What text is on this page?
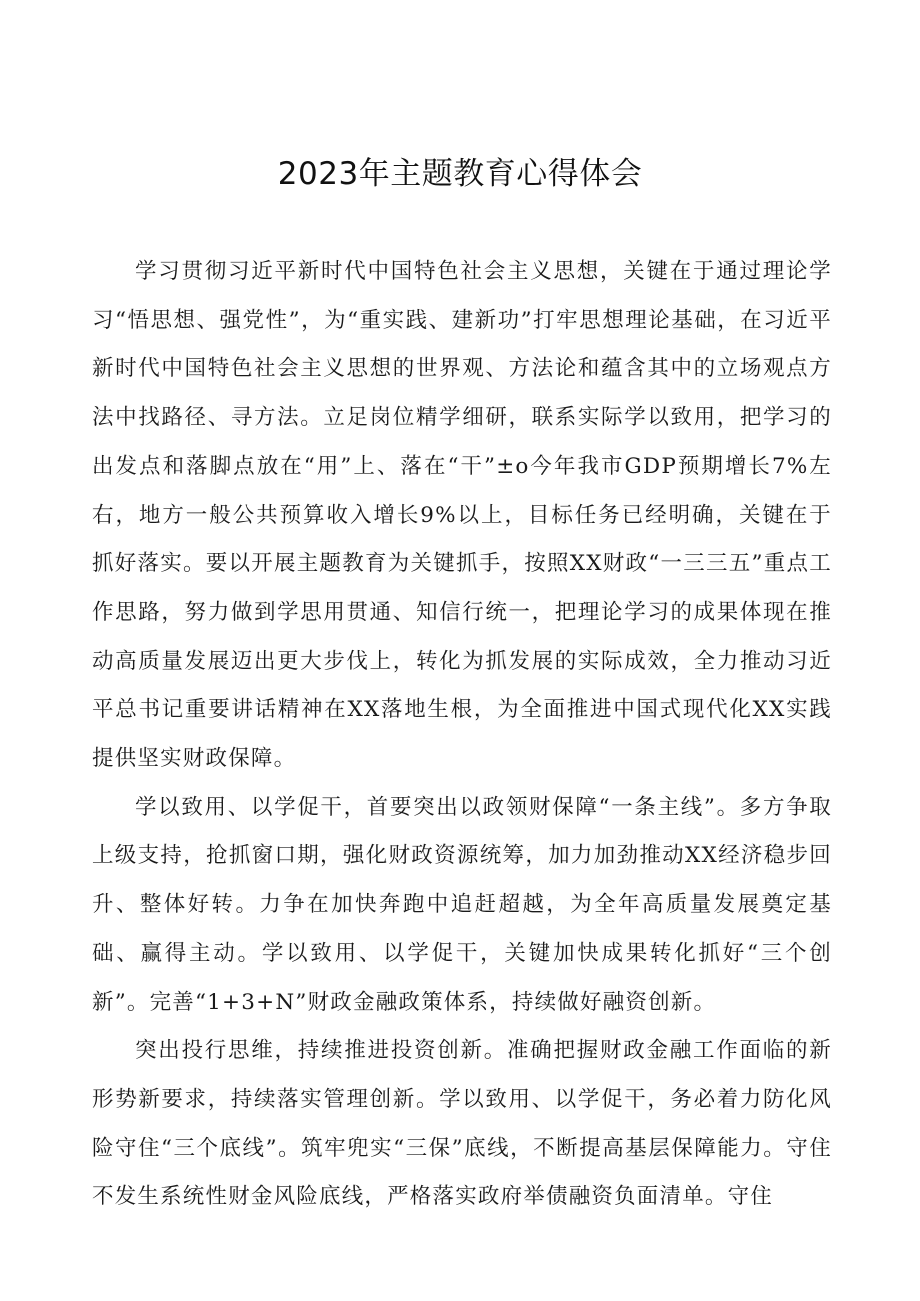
2023年主题教育心得体会

学习贯彻习近平新时代中国特色社会主义思想，关键在于通过理论学习“悟思想、强党性”，为“重实践、建新功”打牢思想理论基础，在习近平新时代中国特色社会主义思想的世界观、方法论和蕴含其中的立场观点方法中找路径、寻方法。立足岗位精学细研，联系实际学以致用，把学习的出发点和落脚点放在“用”上、落在“干”±o今年我市GDP预期增长7%左右，地方一般公共预算收入增长9%以上，目标任务已经明确，关键在于抓好落实。要以开展主题教育为关键抓手，按照XX财政“一三三五”重点工作思路，努力做到学思用贯通、知信行统一，把理论学习的成果体现在推动高质量发展迈出更大步伐上，转化为抓发展的实际成效，全力推动习近平总书记重要讲话精神在XX落地生根，为全面推进中国式现代化XX实践提供坚实财政保障。

学以致用、以学促干，首要突出以政领财保障“一条主线”。多方争取上级支持，抢抓窗口期，强化财政资源统筹，加力加劲推动XX经济稳步回升、整体好转。力争在加快奔跑中追赶超越，为全年高质量发展奠定基础、赢得主动。学以致用、以学促干，关键加快成果转化抓好“三个创新”。完善“1+3+N”财政金融政策体系，持续做好融资创新。

突出投行思维，持续推进投资创新。准确把握财政金融工作面临的新形势新要求，持续落实管理创新。学以致用、以学促干，务必着力防化风险守住“三个底线”。筑牢兜实“三保”底线，不断提高基层保障能力。守住不发生系统性财金风险底线，严格落实政府举债融资负面清单。守住
